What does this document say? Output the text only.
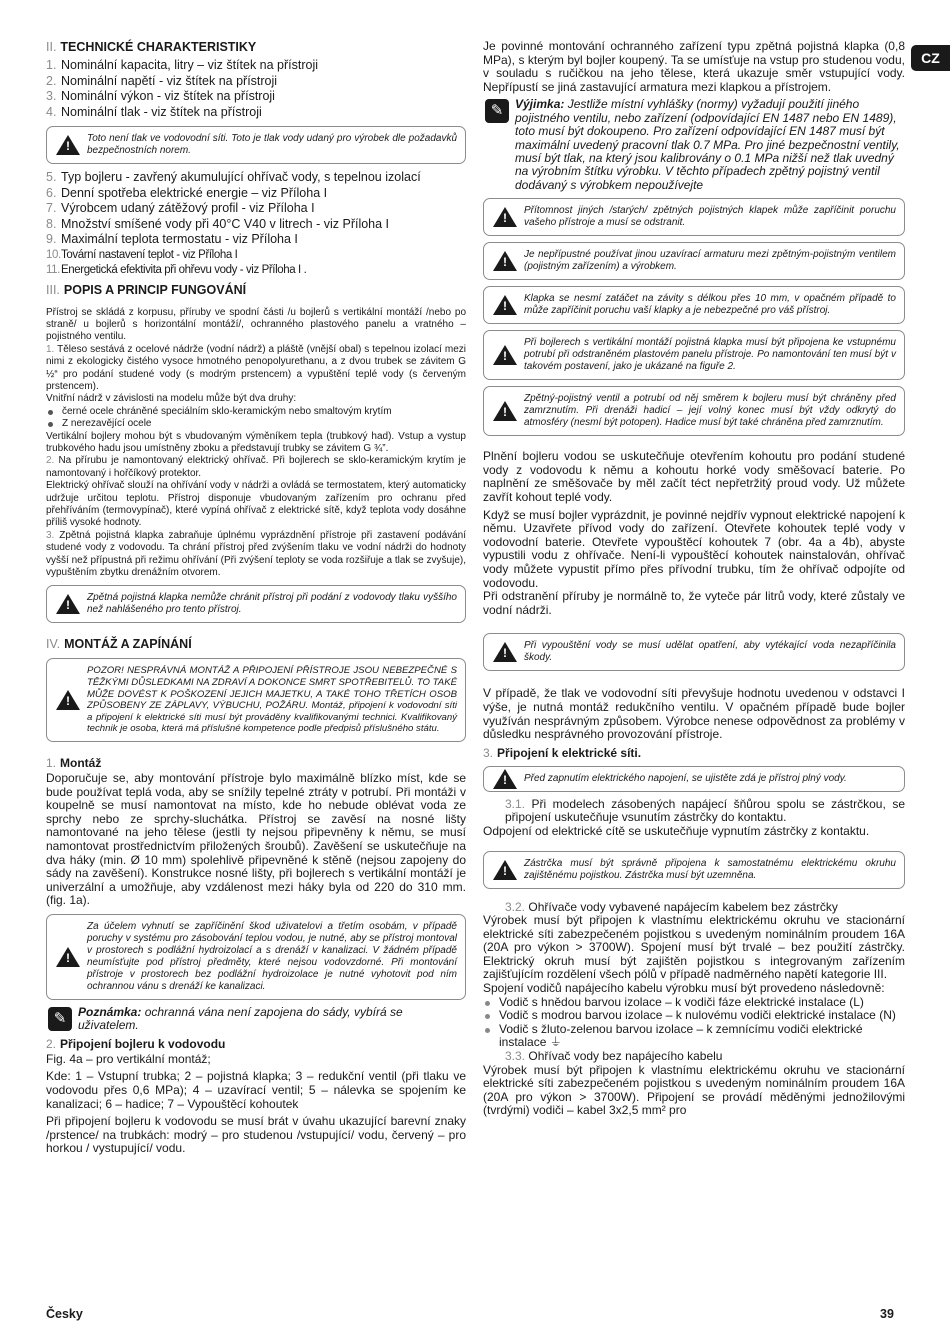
CZ
II. TECHNICKÉ CHARAKTERISTIKY
1. Nominální kapacita, litry – viz štítek na přístroji
2. Nominální napětí - viz štítek na přístroji
3. Nominální výkon - viz štítek na přístroji
4. Nominální tlak - viz štítek na přístroji
!
Toto není tlak ve vodovodní síti. Toto je tlak vody udaný pro výrobek dle požadavků bezpečnostních norem.
5. Typ bojleru - zavřený akumulující ohřívač vody, s tepelnou izolací
6. Denní spotřeba elektrické energie – viz Příloha I
7. Výrobcem udaný zátěžový profil - viz Příloha I
8. Množství smíšené vody při 40°C V40 v litrech - viz Příloha I
9. Maximální teplota termostatu - viz Příloha I
10.Tovární nastavení teplot - viz Příloha I
11.Energetická efektivita při ohřevu vody - viz Příloha I .
III. POPIS A PRINCIP FUNGOVÁNÍ

Přístroj se skládá z korpusu, příruby ve spodní části /u bojlerů s vertikální montáží /nebo po straně/ u bojlerů s horizontální montáží/, ochranného plastového panelu a vratného – pojistného ventilu.

1. Těleso sestává z ocelové nádrže (vodní nádrž) a pláště (vnější obal) s tepelnou izolací mezi nimi z ekologicky čistého vysoce hmotného penopolyurethanu, a z dvou trubek se závitem G ½“ pro podání studené vody (s modrým prstencem) a vypuštění teplé vody (s červeným prstencem).

Vnitřní nádrž v závislosti na modelu může být dva druhy:

černé ocele chráněné speciálním sklo-keramickým nebo smaltovým krytím
Z nerezavějící ocele

Vertikální bojlery mohou být s vbudovaným výměníkem tepla (trubkový had). Vstup a vystup trubkového hadu jsou umístněny zboku a představují trubky se závitem G ¾”.

2. Na přírubu je namontovaný elektrický ohřívač. Při bojlerech se sklo-keramickým krytím je namontovaný i hořčíkový protektor.

Elektrický ohřívač slouží na ohřívání vody v nádrži a ovládá se termostatem, který automaticky udržuje určitou teplotu. Přístroj disponuje vbudovaným zařízením pro ochranu před přehříváním (termovypínač), které vypíná ohřívač z elektrické sítě, když teplota vody dosáhne příliš vysoké hodnoty.

3. Zpětná pojistná klapka zabraňuje úplnému vyprázdnění přístroje při zastavení podávání studené vody z vodovodu. Ta chrání přístroj před zvýšením tlaku ve vodní nádrži do hodnoty vyšší než přípustná při režimu ohřívání (Při zvýšení teploty se voda rozšiřuje a tlak se zvyšuje), vypuštěním zbytku drenážním otvorem.

!
Zpětná pojistná klapka nemůže chránit přístroj při podání z vodovody tlaku vyššího než nahlášeného pro tento přístroj.
IV. MONTÁŽ A ZAPÍNÁNÍ
!
POZOR! NESPRÁVNÁ MONTÁŽ A PŘIPOJENÍ PŘÍSTROJE JSOU NEBEZPEČNÉ S TĚŽKÝMI DŮSLEDKAMI NA ZDRAVÍ A DOKONCE SMRT SPOTŘEBITELŮ. TO TAKÉ MŮŽE DOVÉST K POŠKOZENÍ JEJICH MAJETKU, A TAKÉ TOHO TŘETÍCH OSOB ZPŮSOBENY ZE ZÁPLAVY, VÝBUCHU, POŽÁRU. Montáž, připojení k vodovodní síti a připojení k elektrické síti musí být prováděny kvalifikovanými technici. Kvalifikovaný technik je osoba, která má příslušné kompetence podle předpisů příslušného státu.
1. Montáž

Doporučuje se, aby montování přístroje bylo maximálně blízko míst, kde se bude používat teplá voda, aby se snížily tepelné ztráty v potrubí. Při montáži v koupelně se musí namontovat na místo, kde ho nebude oblévat voda ze sprchy nebo ze sprchy-sluchátka. Přístroj se zavěsí na nosné lišty namontované na jeho tělese (jestli ty nejsou připevněny k němu, se musí namontovat prostřednictvím přiložených šroubů). Zavěšení se uskutečňuje na dva háky (min. Ø 10 mm) spolehlivě připevněné k stěně (nejsou zapojeny do sády na zavěšení). Konstrukce nosné lišty, při bojlerech s vertikální montáží je univerzální a umožňuje, aby vzdálenost mezi háky byla od 220 do 310 mm. (fig. 1a).

!
Za účelem vyhnutí se zapříčinění škod uživatelovi a třetím osobám, v případě poruchy v systému pro zásobování teplou vodou, je nutné, aby se přístroj montoval v prostorech s podlážní hydroizolací a s drenáží v kanalizaci. V žádném případě neumísťujte pod přístroj předměty, které nejsou vodovzdorné. Při montování přístroje v prostorech bez podlážní hydroizolace je nutné vyhotovit pod ním ochrannou vánu s drenáží ke kanalizaci.
✎ Poznámka: ochranná vána není zapojena do sády, vybírá se uživatelem.
2. Připojení bojleru k vodovodu

Fig. 4a – pro vertikální montáž;

Kde: 1 – Vstupní trubka; 2 – pojistná klapka; 3 – redukční ventil (při tlaku ve vodovodu přes 0,6 MPa); 4 – uzavírací ventil; 5 – nálevka se spojením ke kanalizaci; 6 – hadice; 7 – Vypouštěcí kohoutek

Při připojení bojleru k vodovodu se musí brát v úvahu ukazující barevní znaky /prstence/ na trubkách: modrý – pro studenou /vstupující/ vodu, červený – pro horkou / vystupující/ vodu.

Je povinné montování ochranného zařízení typu zpětná pojistná klapka (0,8 MPa), s kterým byl bojler koupený. Ta se umísťuje na vstup pro studenou vodu, v souladu s ručičkou na jeho tělese, která ukazuje směr vstupující vody. Nepřípustí se jiná zastavující armatura mezi klapkou a přístrojem.

✎ Výjimka: Jestliže místní vyhlášky (normy) vyžadují použití jiného pojistného ventilu, nebo zařízení (odpovídající EN 1487 nebo EN 1489), toto musí být dokoupeno. Pro zařízení odpovídající EN 1487 musí být maximální uvedený pracovní tlak 0.7 MPa. Pro jiné bezpečnostní ventily, musí být tlak, na který jsou kalibrovány o 0.1 MPa nižší než tlak uvedný na výrobním štítku výrobku. V těchto případech zpětný pojistný ventil dodávaný s výrobkem nepoužívejte
!
Přítomnost jiných /starých/ zpětných pojistných klapek může zapříčinit poruchu vašeho přístroje a musí se odstranit.
!
Je nepřípustné používat jinou uzavírací armaturu mezi zpětným-pojistným ventilem (pojistným zařízením) a výrobkem.
!
Klapka se nesmí zatáčet na závity s délkou přes 10 mm, v opačném případě to může zapříčinit poruchu vaší klapky a je nebezpečné pro váš přístroj.
!
Při bojlerech s vertikální montáží pojistná klapka musí být připojena ke vstupnému potrubí při odstraněném plastovém panelu přístroje. Po namontování ten musí být v takovém postavení, jako je ukázané na figuře 2.
!
Zpětný-pojistný ventil a potrubí od něj směrem k bojleru musí být chráněny před zamrznutím. Při drenáži hadicí – její volný konec musí být vždy odkrytý do atmosféry (nesmí být potopen). Hadice musí být také chráněna před zamrznutím.

Plnění bojleru vodou se uskutečňuje otevřením kohoutu pro podání studené vody z vodovodu k němu a kohoutu horké vody směšovací baterie. Po naplnění ze směšovače by měl začít téct nepřetržitý proud vody. Už můžete zavřít kohout teplé vody.

Když se musí bojler vyprázdnit, je povinné nejdřív vypnout elektrické napojení k němu. Uzavřete přívod vody do zařízení. Otevřete kohoutek teplé vody v vodovodní baterie. Otevřete vypouštěcí kohoutek 7 (obr. 4a a 4b), abyste vypustili vodu z ohřívače. Není-li vypouštěcí kohoutek nainstalován, ohřívač vody můžete vypustit přímo přes přívodní trubku, tím že ohřívač odpojíte od vodovodu.

Při odstranění příruby je normálně to, že vyteče pár litrů vody, které zůstaly ve vodní nádrži.

!
Při vypouštění vody se musí udělat opatření, aby vytékající voda nezapříčinila škody.

V případě, že tlak ve vodovodní síti převyšuje hodnotu uvedenou v odstavci I výše, je nutná montáž redukčního ventilu. V opačném případě bude bojler využíván nesprávným způsobem. Výrobce nenese odpovědnost za problémy v důsledku nesprávného provozování přístroje.

3. Připojení k elektrické síti.
!
Před zapnutím elektrického napojení, se ujistěte zdá je přístroj plný vody.

3.1. Při modelech zásobených napájecí šňůrou spolu se zástrčkou, se připojení uskutečňuje vsunutím zástrčky do kontaktu.

Odpojení od elektrické cítě se uskutečňuje vypnutím zástrčky z kontaktu.

!
Zástrčka musí být správně připojena k samostatnému elektrickému okruhu zajištěnému pojistkou. Zástrčka musí být uzemněna.

3.2. Ohřívače vody vybavené napájecím kabelem bez zástrčky

Výrobek musí být připojen k vlastnímu elektrickému okruhu ve stacionární elektrické síti zabezpečeném pojistkou s uvedeným nominálním proudem 16A (20A pro výkon > 3700W). Spojení musí být trvalé – bez použití zástrčky. Elektrický okruh musí být zajištěn pojistkou s integrovaným zařízením zajišťujícím rozdělení všech pólů v případě nadměrného napětí kategorie III.

Spojení vodičů napájecího kabelu výrobku musí být provedeno následovně:

Vodič s hnědou barvou izolace – k vodiči fáze elektrické instalace (L)
Vodič s modrou barvou izolace – k nulovému vodiči elektrické instalace (N)
Vodič s žluto-zelenou barvou izolace – k zemnícímu vodiči elektrické instalace ⏚

3.3. Ohřívač vody bez napájecího kabelu

Výrobek musí být připojen k vlastnímu elektrickému okruhu ve stacionární elektrické síti zabezpečeném pojistkou s uvedeným nominálním proudem 16A (20A pro výkon > 3700W). Připojení se provádí měděnými jednožilovými (tvrdými) vodiči – kabel 3x2,5 mm² pro

Česky	39
